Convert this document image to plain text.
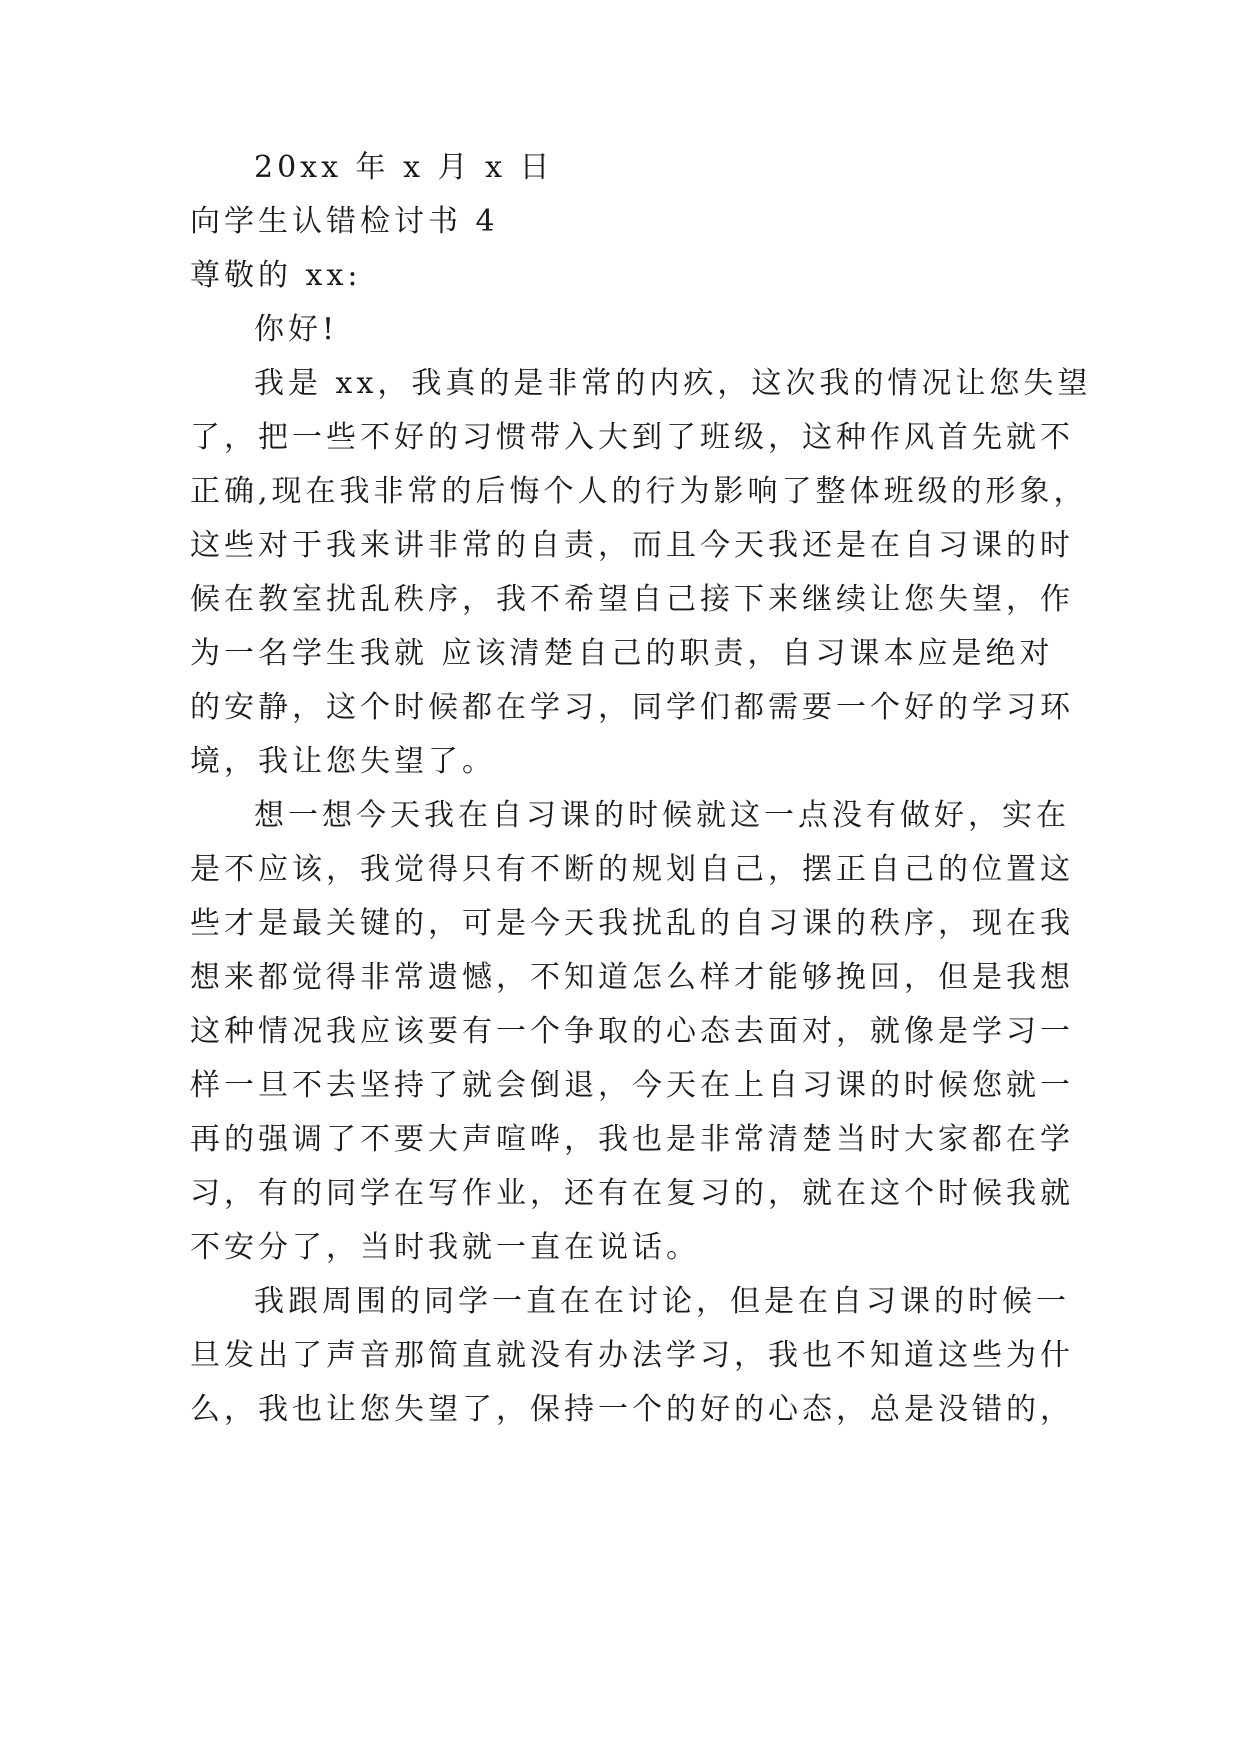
20xx 年 x 月 x 日
向学生认错检讨书 4
尊敬的 xx:
你好!
我是 xx，我真的是非常的内疚，这次我的情况让您失望
了，把一些不好的习惯带入大到了班级，这种作风首先就不
正确,现在我非常的后悔个人的行为影响了整体班级的形象，
这些对于我来讲非常的自责，而且今天我还是在自习课的时
候在教室扰乱秩序，我不希望自己接下来继续让您失望，作
为一名学生我就 应该清楚自己的职责，自习课本应是绝对
的安静，这个时候都在学习，同学们都需要一个好的学习环
境，我让您失望了。
想一想今天我在自习课的时候就这一点没有做好，实在
是不应该，我觉得只有不断的规划自己，摆正自己的位置这
些才是最关键的，可是今天我扰乱的自习课的秩序，现在我
想来都觉得非常遗憾，不知道怎么样才能够挽回，但是我想
这种情况我应该要有一个争取的心态去面对，就像是学习一
样一旦不去坚持了就会倒退，今天在上自习课的时候您就一
再的强调了不要大声喧哗，我也是非常清楚当时大家都在学
习，有的同学在写作业，还有在复习的，就在这个时候我就
不安分了，当时我就一直在说话。
我跟周围的同学一直在在讨论，但是在自习课的时候一
旦发出了声音那简直就没有办法学习，我也不知道这些为什
么，我也让您失望了，保持一个的好的心态，总是没错的，
